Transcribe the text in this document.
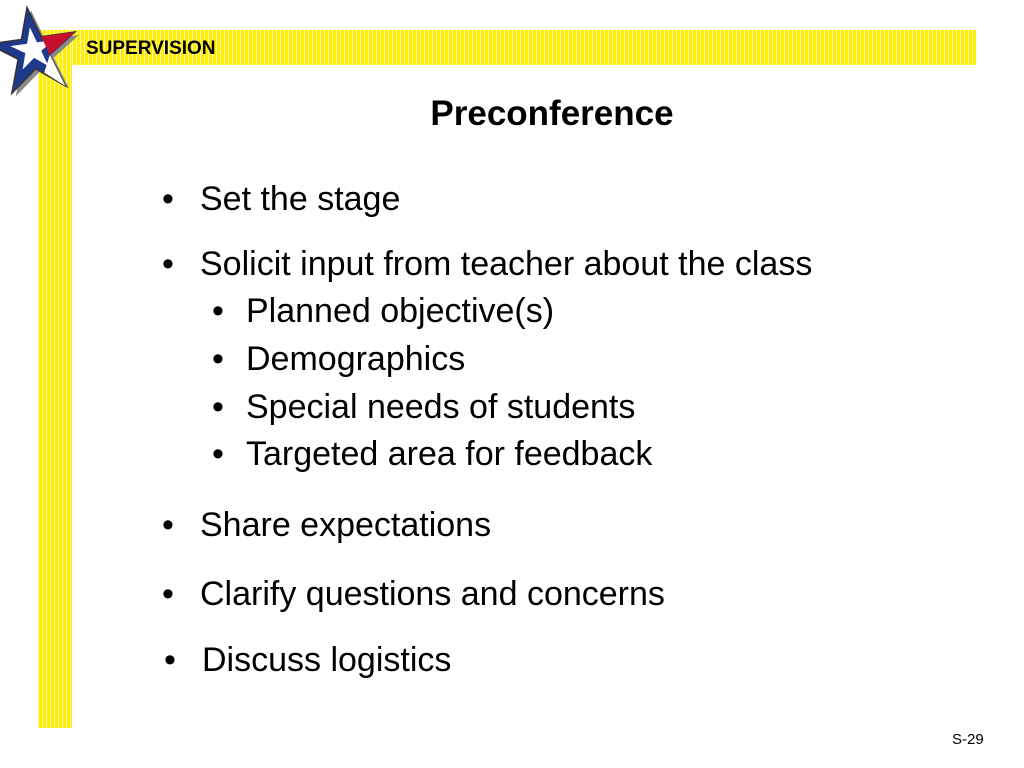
SUPERVISION
Preconference
• Set the stage
• Solicit input from teacher about the class
• Planned objective(s)
• Demographics
• Special needs of students
• Targeted area for feedback
• Share expectations
• Clarify questions and concerns
• Discuss logistics
S-29
